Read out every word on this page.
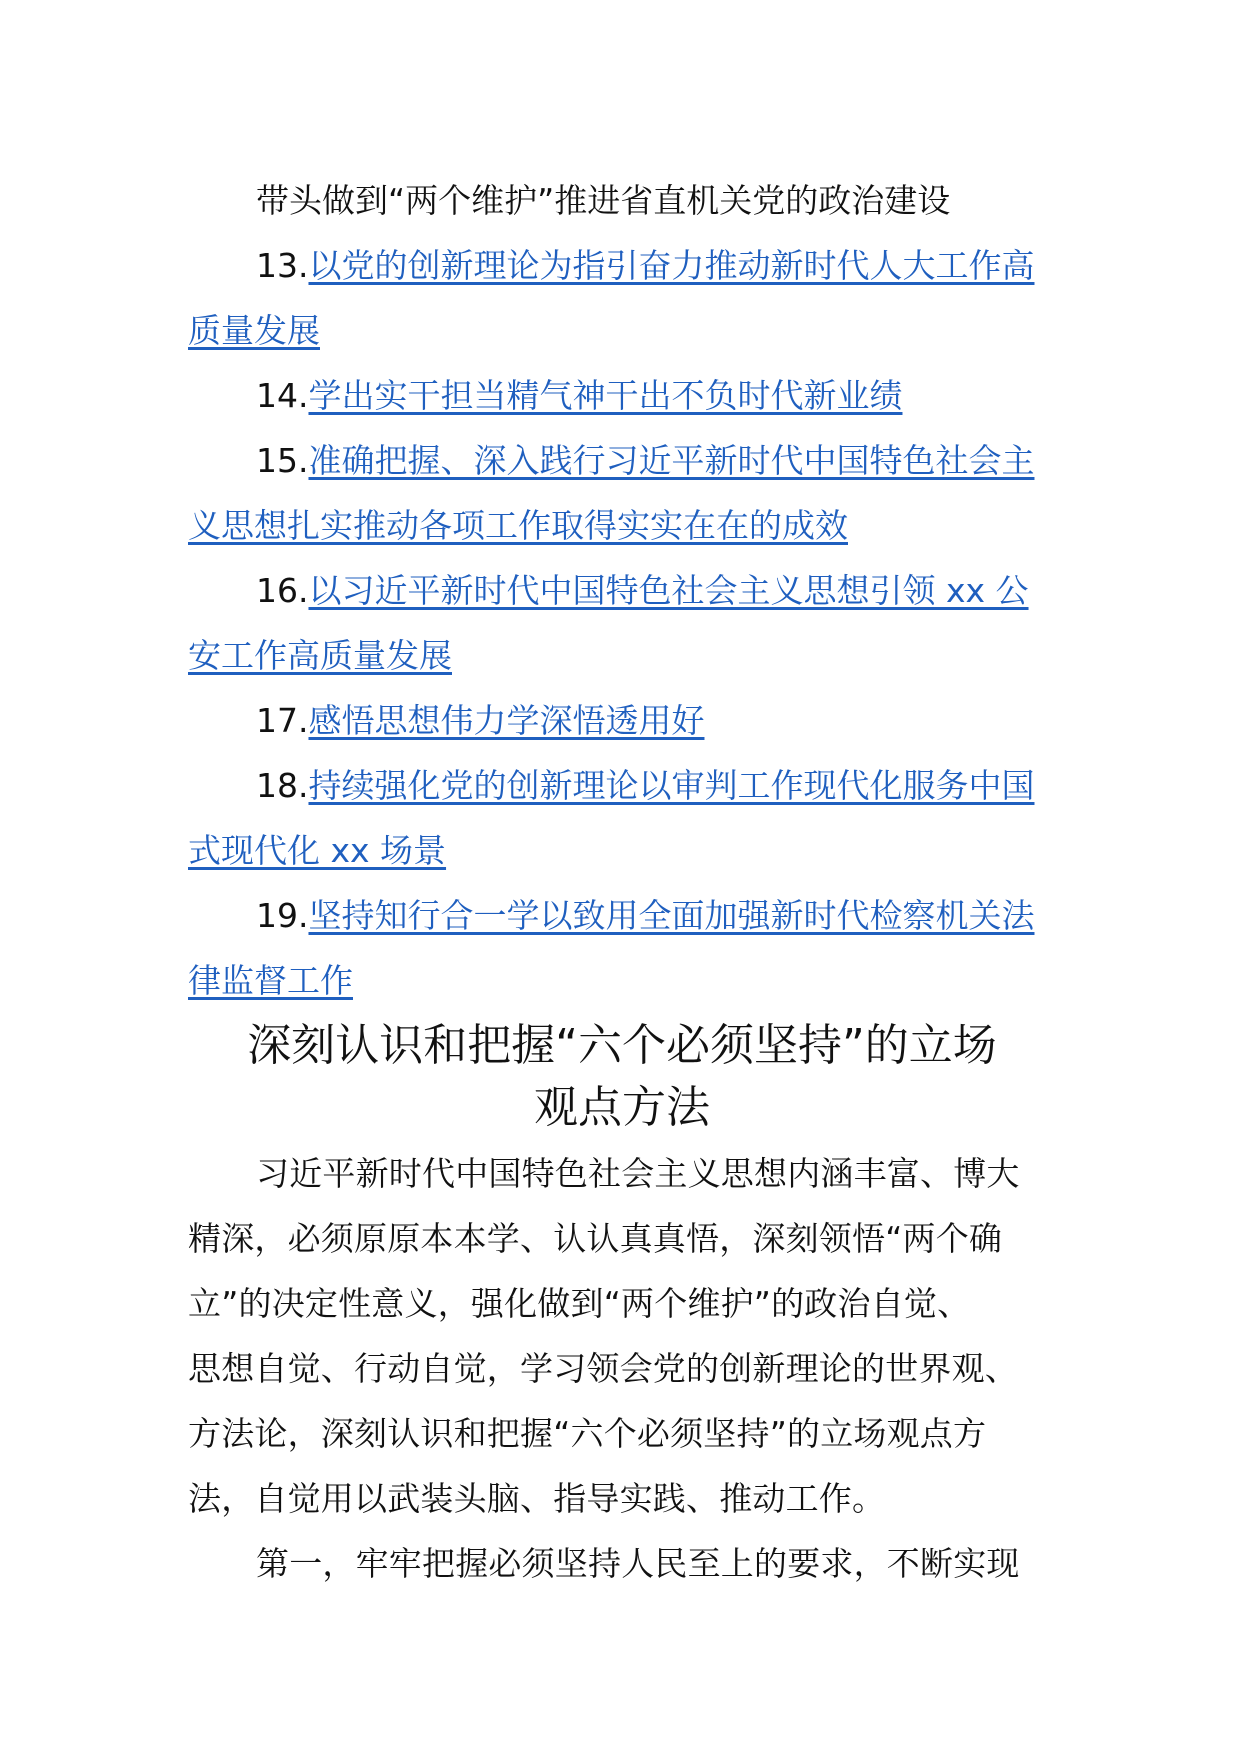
带头做到“两个维护”推进省直机关党的政治建设
13.以党的创新理论为指引奋力推动新时代人大工作高
质量发展
14.学出实干担当精气神干出不负时代新业绩
15.准确把握、深入践行习近平新时代中国特色社会主
义思想扎实推动各项工作取得实实在在的成效
16.以习近平新时代中国特色社会主义思想引领 xx 公
安工作高质量发展
17.感悟思想伟力学深悟透用好
18.持续强化党的创新理论以审判工作现代化服务中国
式现代化 xx 场景
19.坚持知行合一学以致用全面加强新时代检察机关法
律监督工作
深刻认识和把握“六个必须坚持”的立场
观点方法
习近平新时代中国特色社会主义思想内涵丰富、博大
精深，必须原原本本学、认认真真悟，深刻领悟“两个确
立”的决定性意义，强化做到“两个维护”的政治自觉、
思想自觉、行动自觉，学习领会党的创新理论的世界观、
方法论，深刻认识和把握“六个必须坚持”的立场观点方
法，自觉用以武装头脑、指导实践、推动工作。
第一，牢牢把握必须坚持人民至上的要求，不断实现
